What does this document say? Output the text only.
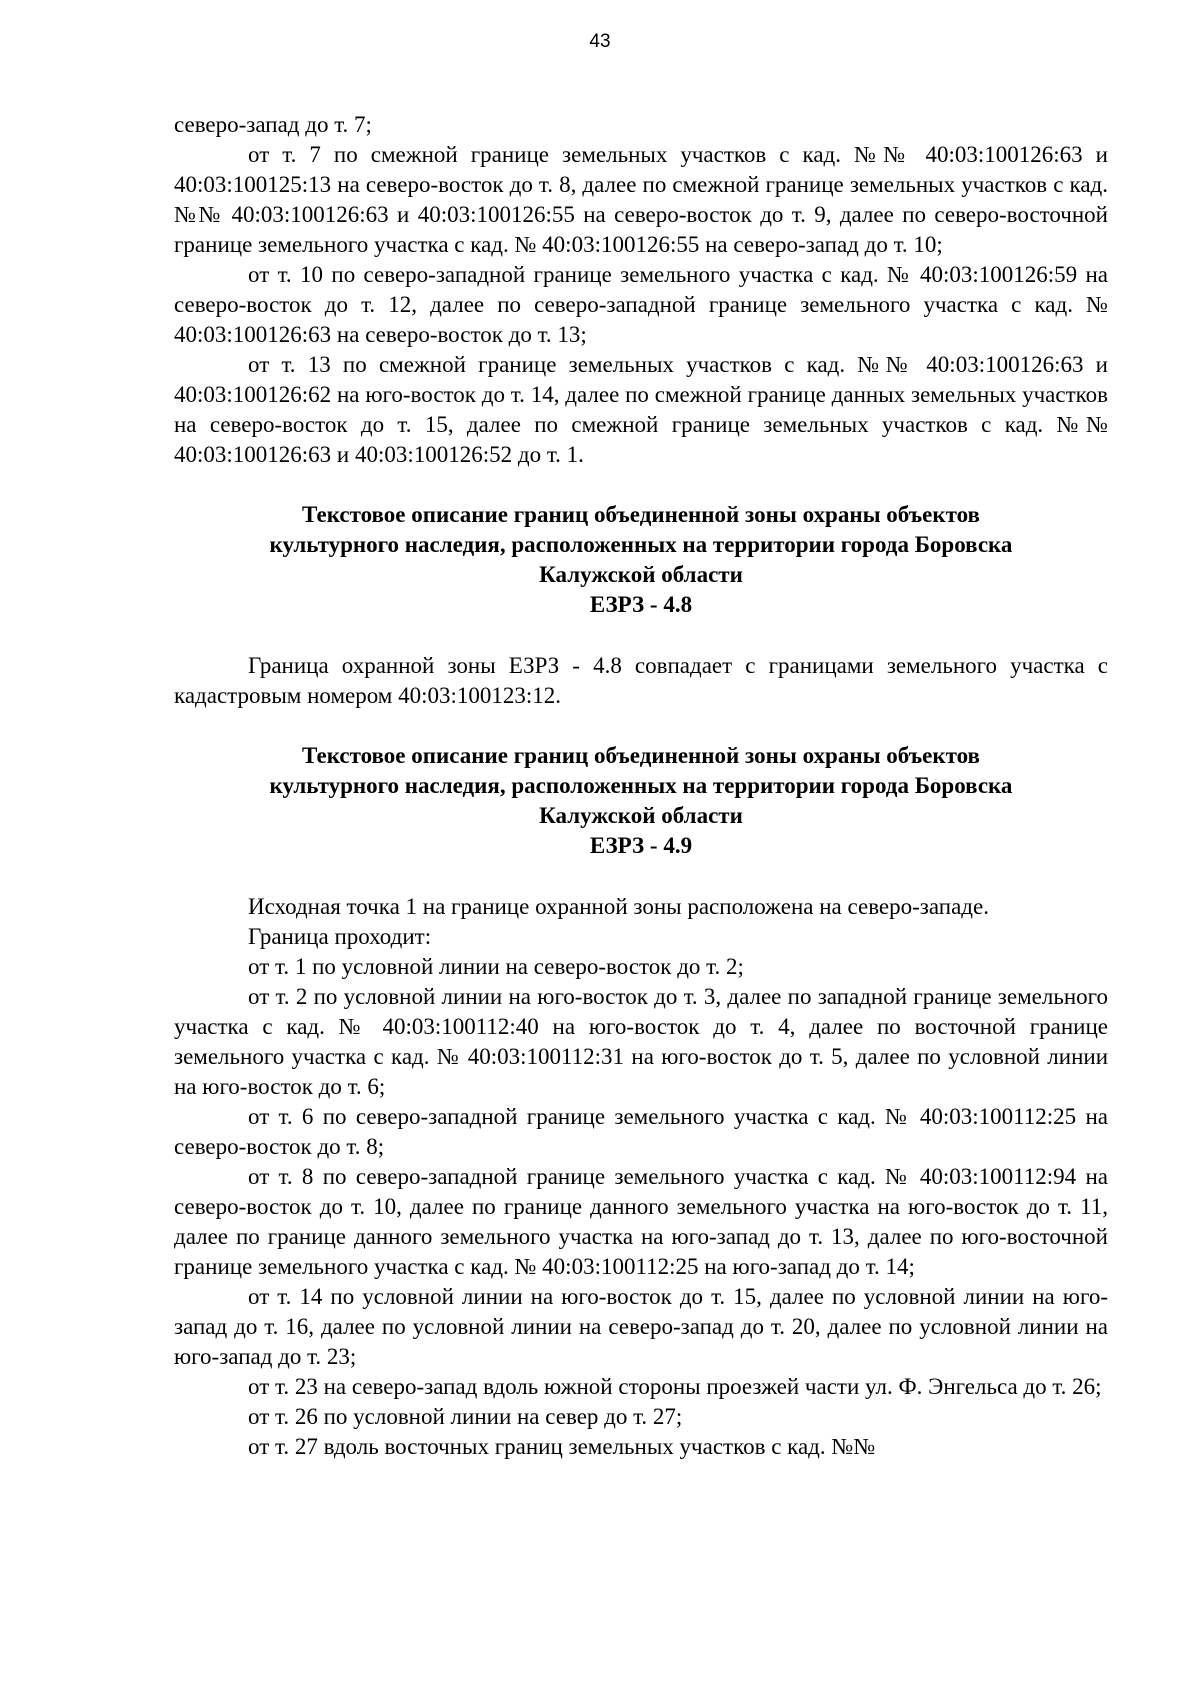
43

северо-запад до т. 7;

от т. 7 по смежной границе земельных участков с кад. №№ 40:03:100126:63 и 40:03:100125:13 на северо-восток до т. 8, далее по смежной границе земельных участков с кад. №№ 40:03:100126:63 и 40:03:100126:55 на северо-восток до т. 9, далее по северо-восточной границе земельного участка с кад. № 40:03:100126:55 на северо-запад до т. 10;

от т. 10 по северо-западной границе земельного участка с кад. № 40:03:100126:59 на северо-восток до т. 12, далее по северо-западной границе земельного участка с кад. № 40:03:100126:63 на северо-восток до т. 13;

от т. 13 по смежной границе земельных участков с кад. №№ 40:03:100126:63 и 40:03:100126:62 на юго-восток до т. 14, далее по смежной границе данных земельных участков на северо-восток до т. 15, далее по смежной границе земельных участков с кад. №№ 40:03:100126:63 и 40:03:100126:52 до т. 1.

Текстовое описание границ объединенной зоны охраны объектов
культурного наследия, расположенных на территории города Боровска
Калужской области
ЕЗРЗ - 4.8

Граница охранной зоны ЕЗРЗ - 4.8 совпадает с границами земельного участка с кадастровым номером 40:03:100123:12.

Текстовое описание границ объединенной зоны охраны объектов
культурного наследия, расположенных на территории города Боровска
Калужской области
ЕЗРЗ - 4.9

Исходная точка 1 на границе охранной зоны расположена на северо-западе.

Граница проходит:

от т. 1 по условной линии на северо-восток до т. 2;

от т. 2 по условной линии на юго-восток до т. 3, далее по западной границе земельного участка с кад. № 40:03:100112:40 на юго-восток до т. 4, далее по восточной границе земельного участка с кад. № 40:03:100112:31 на юго-восток до т. 5, далее по условной линии на юго-восток до т. 6;

от т. 6 по северо-западной границе земельного участка с кад. № 40:03:100112:25 на северо-восток до т. 8;

от т. 8 по северо-западной границе земельного участка с кад. № 40:03:100112:94 на северо-восток до т. 10, далее по границе данного земельного участка на юго-восток до т. 11, далее по границе данного земельного участка на юго-запад до т. 13, далее по юго-восточной границе земельного участка с кад. № 40:03:100112:25 на юго-запад до т. 14;

от т. 14 по условной линии на юго-восток до т. 15, далее по условной линии на юго-запад до т. 16, далее по условной линии на северо-запад до т. 20, далее по условной линии на юго-запад до т. 23;

от т. 23 на северо-запад вдоль южной стороны проезжей части ул. Ф. Энгельса до т. 26;

от т. 26 по условной линии на север до т. 27;

от т. 27 вдоль восточных границ земельных участков с кад. №№
